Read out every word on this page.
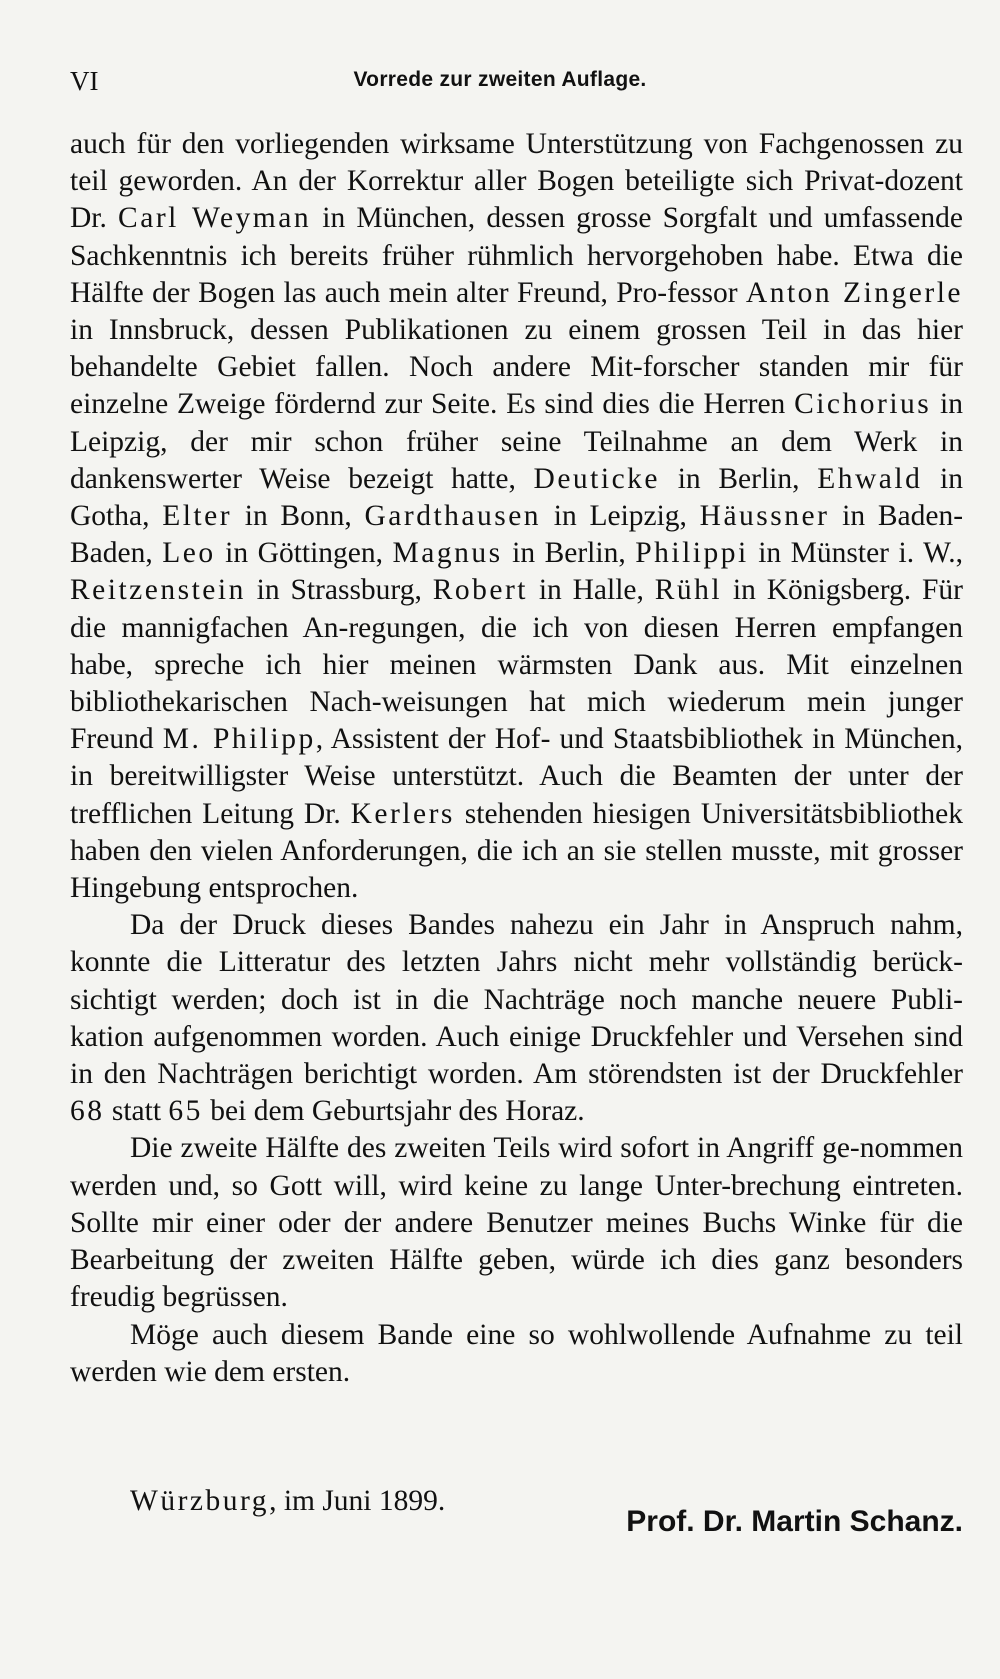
VI	Vorrede zur zweiten Auflage.

auch für den vorliegenden wirksame Unterstützung von Fachgenossen zu teil geworden. An der Korrektur aller Bogen beteiligte sich Privat-dozent Dr. Carl Weyman in München, dessen grosse Sorgfalt und umfassende Sachkenntnis ich bereits früher rühmlich hervorgehoben habe. Etwa die Hälfte der Bogen las auch mein alter Freund, Pro-fessor Anton Zingerle in Innsbruck, dessen Publikationen zu einem grossen Teil in das hier behandelte Gebiet fallen. Noch andere Mit-forscher standen mir für einzelne Zweige fördernd zur Seite. Es sind dies die Herren Cichorius in Leipzig, der mir schon früher seine Teilnahme an dem Werk in dankenswerter Weise bezeigt hatte, Deuticke in Berlin, Ehwald in Gotha, Elter in Bonn, Gardthausen in Leipzig, Häussner in Baden-Baden, Leo in Göttingen, Magnus in Berlin, Philippi in Münster i. W., Reitzenstein in Strassburg, Robert in Halle, Rühl in Königsberg. Für die mannigfachen An-regungen, die ich von diesen Herren empfangen habe, spreche ich hier meinen wärmsten Dank aus. Mit einzelnen bibliothekarischen Nach-weisungen hat mich wiederum mein junger Freund M. Philipp, Assistent der Hof- und Staatsbibliothek in München, in bereitwilligster Weise unterstützt. Auch die Beamten der unter der trefflichen Leitung Dr. Kerlers stehenden hiesigen Universitätsbibliothek haben den vielen Anforderungen, die ich an sie stellen musste, mit grosser Hingebung entsprochen.

Da der Druck dieses Bandes nahezu ein Jahr in Anspruch nahm, konnte die Litteratur des letzten Jahrs nicht mehr vollständig berück-sichtigt werden; doch ist in die Nachträge noch manche neuere Publi-kation aufgenommen worden. Auch einige Druckfehler und Versehen sind in den Nachträgen berichtigt worden. Am störendsten ist der Druckfehler 68 statt 65 bei dem Geburtsjahr des Horaz.

Die zweite Hälfte des zweiten Teils wird sofort in Angriff ge-nommen werden und, so Gott will, wird keine zu lange Unter-brechung eintreten. Sollte mir einer oder der andere Benutzer meines Buchs Winke für die Bearbeitung der zweiten Hälfte geben, würde ich dies ganz besonders freudig begrüssen.

Möge auch diesem Bande eine so wohlwollende Aufnahme zu teil werden wie dem ersten.

Würzburg, im Juni 1899.
Prof. Dr. Martin Schanz.
